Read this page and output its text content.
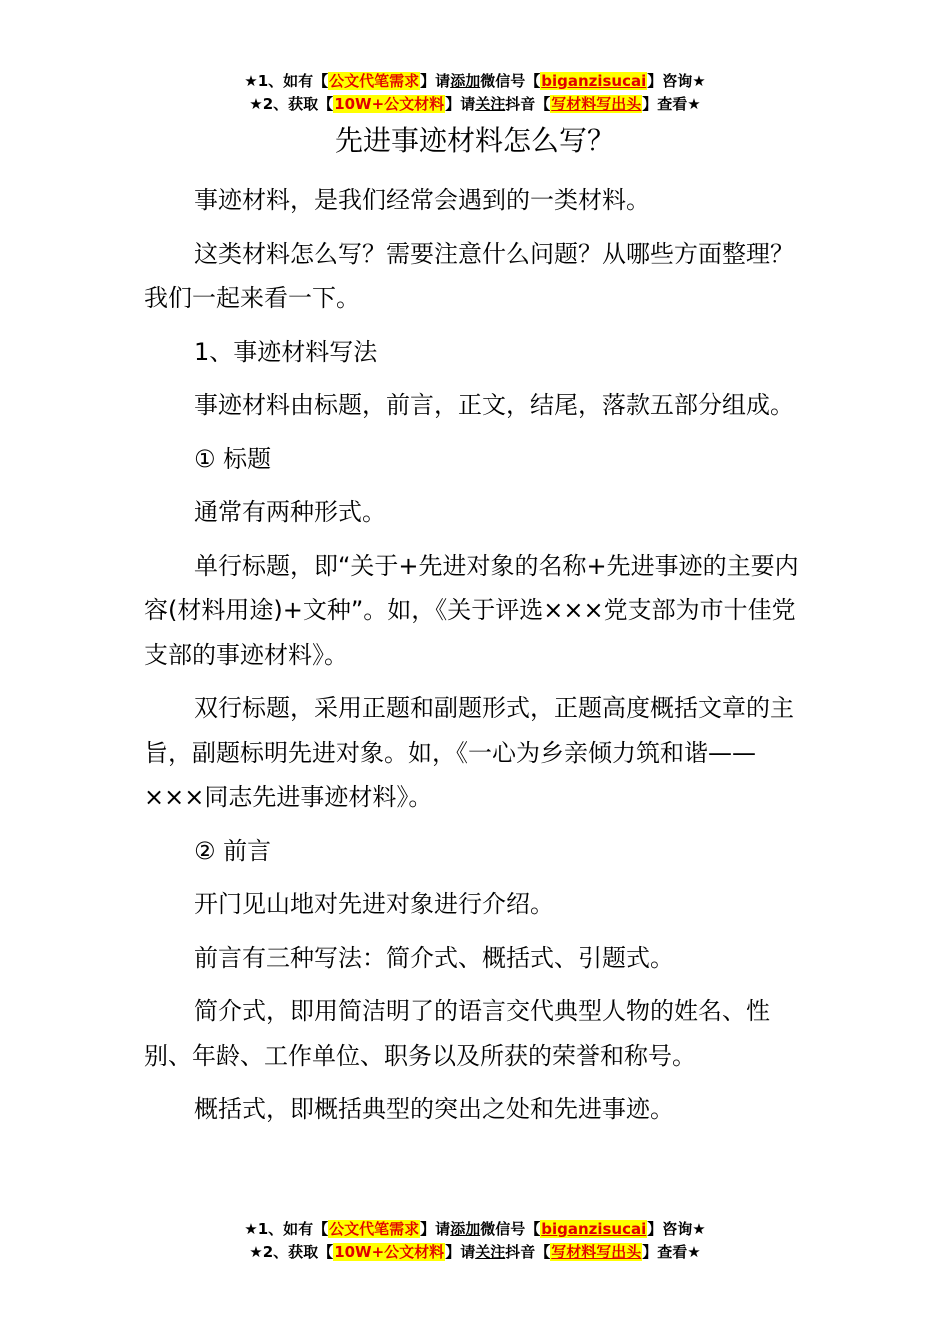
★1、如有【公文代笔需求】请添加微信号【biganzisucai】咨询★
★2、获取【10W+公文材料】请关注抖音【写材料写出头】查看★
先进事迹材料怎么写？

事迹材料，是我们经常会遇到的一类材料。

这类材料怎么写？需要注意什么问题？从哪些方面整理？我们一起来看一下。

1、事迹材料写法

事迹材料由标题，前言，正文，结尾，落款五部分组成。

① 标题

通常有两种形式。

单行标题，即“关于+先进对象的名称+先进事迹的主要内容(材料用途)+文种”。如，《关于评选×××党支部为市十佳党支部的事迹材料》。

双行标题，采用正题和副题形式，正题高度概括文章的主旨，副题标明先进对象。如，《一心为乡亲倾力筑和谐——×××同志先进事迹材料》。

② 前言

开门见山地对先进对象进行介绍。

前言有三种写法：简介式、概括式、引题式。

简介式，即用简洁明了的语言交代典型人物的姓名、性别、年龄、工作单位、职务以及所获的荣誉和称号。

概括式，即概括典型的突出之处和先进事迹。

★1、如有【公文代笔需求】请添加微信号【biganzisucai】咨询★
★2、获取【10W+公文材料】请关注抖音【写材料写出头】查看★
